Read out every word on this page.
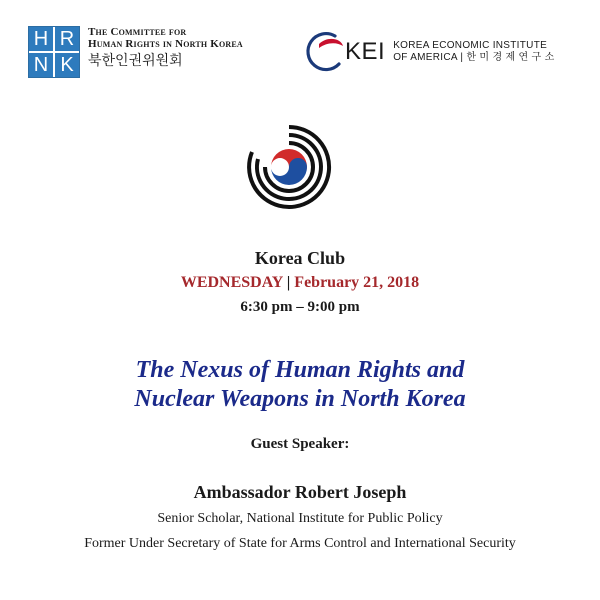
H R
N K
The Committee for
Human Rights in North Korea
북한인권위원회	KEI KOREA ECONOMIC INSTITUTE
OF AMERICA | 한 미 경 제 연 구 소
Korea Club
WEDNESDAY | February 21, 2018
6:30 pm – 9:00 pm
The Nexus of Human Rights and
Nuclear Weapons in North Korea
Guest Speaker:
Ambassador Robert Joseph
Senior Scholar, National Institute for Public Policy
Former Under Secretary of State for Arms Control and International Security
